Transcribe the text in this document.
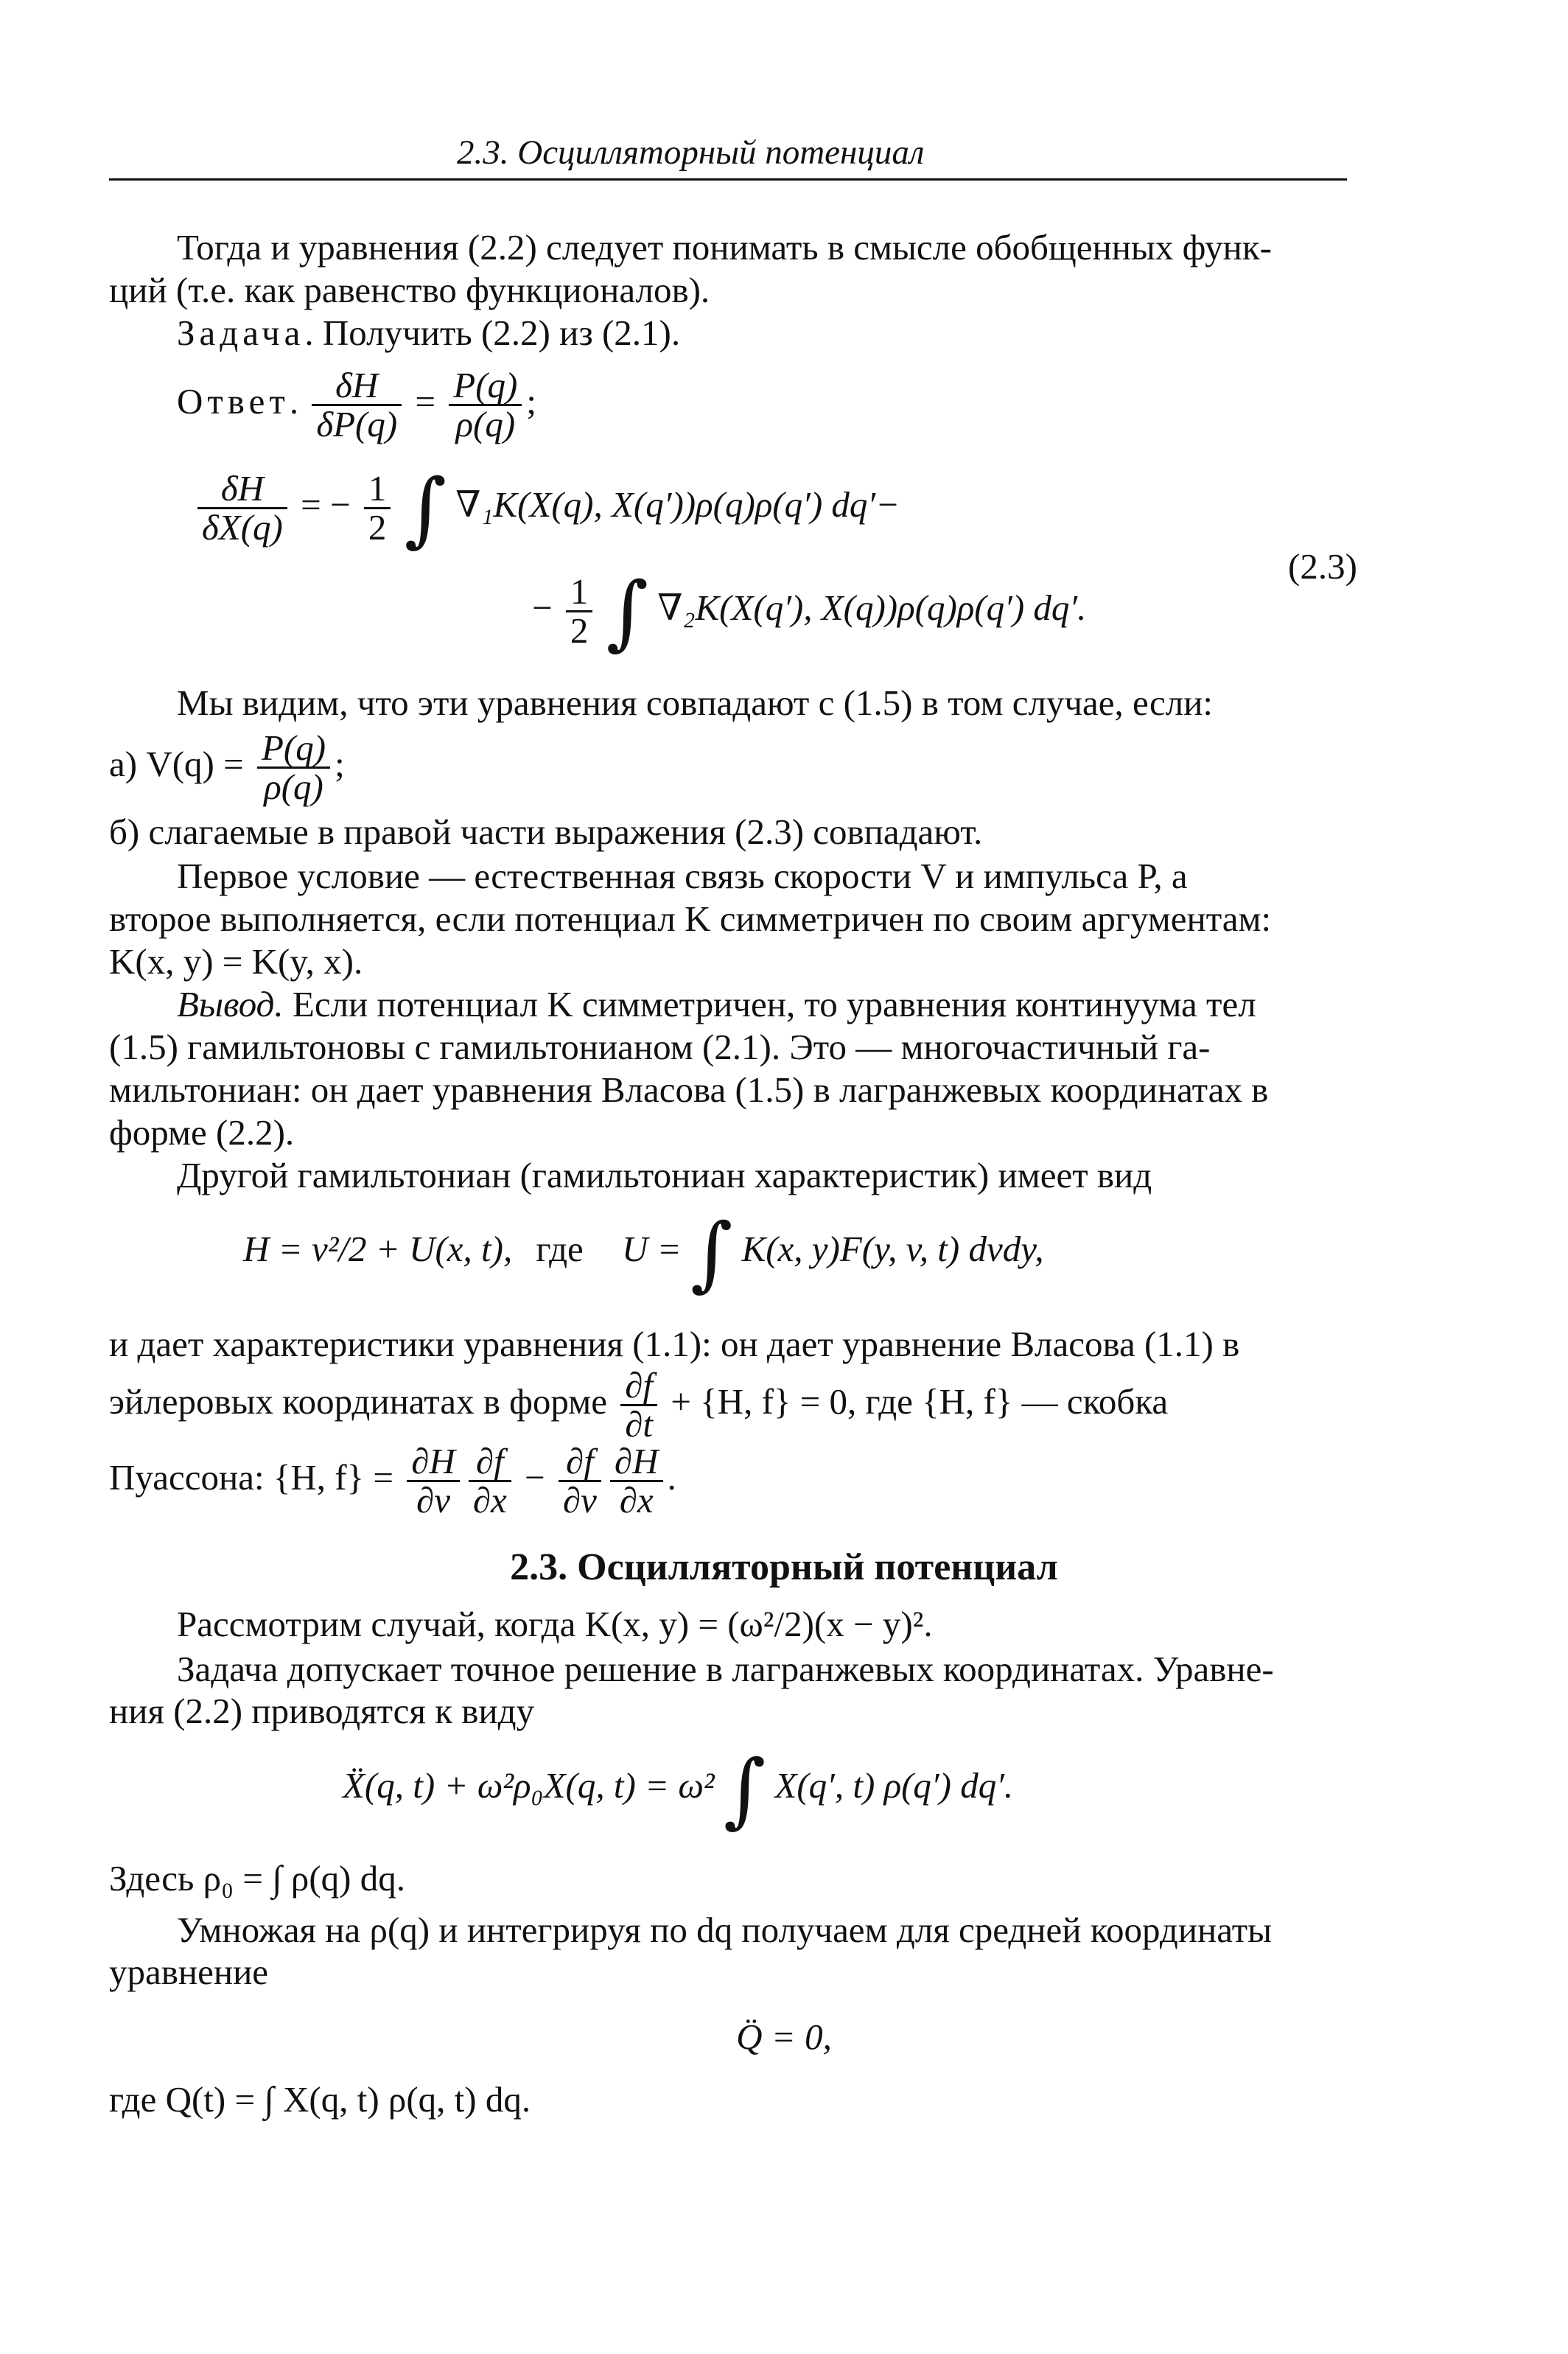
2.3. Осцилляторный потенциал
Тогда и уравнения (2.2) следует понимать в смысле обобщенных функ-
ций (т.е. как равенство функционалов).
Задача. Получить (2.2) из (2.1).
Ответ. $\frac{\delta H}{\delta P(q)} = \frac{P(q)}{\rho(q)}$ ;
$\frac{\delta H}{\delta X(q)}$ = − $\frac{1}{2}$ ∫ ∇₁K(X(q), X(q′))ρ(q)ρ(q′) dq′−
− $\frac{1}{2}$ ∫ ∇₂K(X(q′), X(q))ρ(q)ρ(q′) dq′.
(2.3)
Мы видим, что эти уравнения совпадают с (1.5) в том случае, если:
а) $V(q) = \frac{P(q)}{\rho(q)}$ ;
б) слагаемые в правой части выражения (2.3) совпадают.
Первое условие — естественная связь скорости V и импульса P, а
второе выполняется, если потенциал K симметричен по своим аргументам:
K(x, y) = K(y, x).
Вывод. Если потенциал K симметричен, то уравнения континуума тел
(1.5) гамильтоновы с гамильтонианом (2.1). Это — многочастичный га-
мильтониан: он дает уравнения Власова (1.5) в лагранжевых координатах в
форме (2.2).
Другой гамильтониан (гамильтониан характеристик) имеет вид
H = v²/2 + U(x, t), где U = ∫ K(x, y)F(y, v, t) dvdy,
и дает характеристики уравнения (1.1): он дает уравнение Власова (1.1) в
эйлеровых координатах в форме $\frac{\partial f}{\partial t} + \{H$, f} = 0, где {H, f} — скобка
Пуассона: {H, $f\} = \frac{\partial H}{\partial v} \frac{\partial f}{\partial x} - \frac{\partial f}{\partial v} \frac{\partial H}{\partial x}$ .
2.3. Осцилляторный потенциал
Рассмотрим случай, когда K(x, y) = (ω²/2)(x − y)².
Задача допускает точное решение в лагранжевых координатах. Уравне-
ния (2.2) приводятся к виду
Ẍ(q, t) + ω²ρ₀X(q, t) = ω² ∫ X(q′, t) ρ(q′) dq′.
Здесь ρ₀ = ∫ ρ(q) dq.
Умножая на ρ(q) и интегрируя по dq получаем для средней координаты
уравнение
Q̈ = 0,
где Q(t) = ∫ X(q, t) ρ(q, t) dq.
